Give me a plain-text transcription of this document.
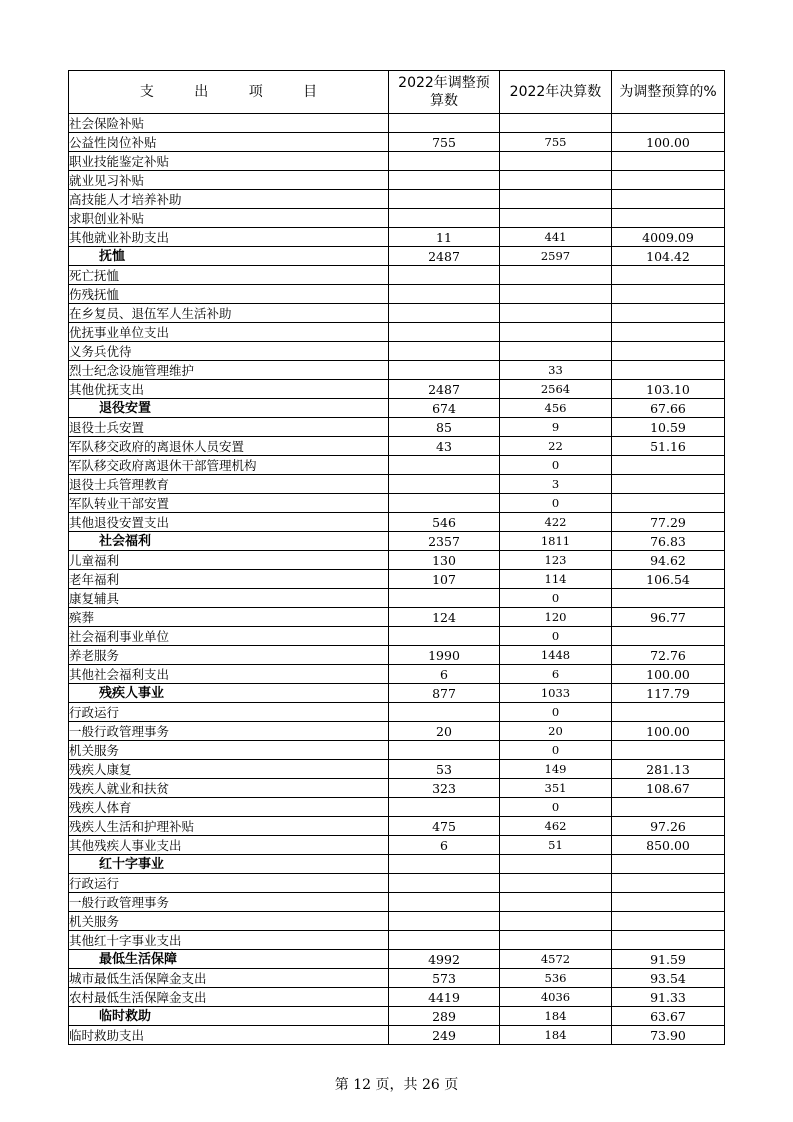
支 出 项 目	2022年调整预算数	2022年决算数	为调整预算的%
社会保险补贴			
公益性岗位补贴	755	755	100.00
职业技能鉴定补贴			
就业见习补贴			
高技能人才培养补助			
求职创业补贴			
其他就业补助支出	11	441	4009.09
抚恤	2487	2597	104.42
死亡抚恤			
伤残抚恤			
在乡复员、退伍军人生活补助			
优抚事业单位支出			
义务兵优待			
烈士纪念设施管理维护		33	
其他优抚支出	2487	2564	103.10
退役安置	674	456	67.66
退役士兵安置	85	9	10.59
军队移交政府的离退休人员安置	43	22	51.16
军队移交政府离退休干部管理机构		0	
退役士兵管理教育		3	
军队转业干部安置		0	
其他退役安置支出	546	422	77.29
社会福利	2357	1811	76.83
儿童福利	130	123	94.62
老年福利	107	114	106.54
康复辅具		0	
殡葬	124	120	96.77
社会福利事业单位		0	
养老服务	1990	1448	72.76
其他社会福利支出	6	6	100.00
残疾人事业	877	1033	117.79
行政运行		0	
一般行政管理事务	20	20	100.00
机关服务		0	
残疾人康复	53	149	281.13
残疾人就业和扶贫	323	351	108.67
残疾人体育		0	
残疾人生活和护理补贴	475	462	97.26
其他残疾人事业支出	6	51	850.00
红十字事业			
行政运行			
一般行政管理事务			
机关服务			
其他红十字事业支出			
最低生活保障	4992	4572	91.59
城市最低生活保障金支出	573	536	93.54
农村最低生活保障金支出	4419	4036	91.33
临时救助	289	184	63.67
临时救助支出	249	184	73.90
第 12 页，共 26 页
